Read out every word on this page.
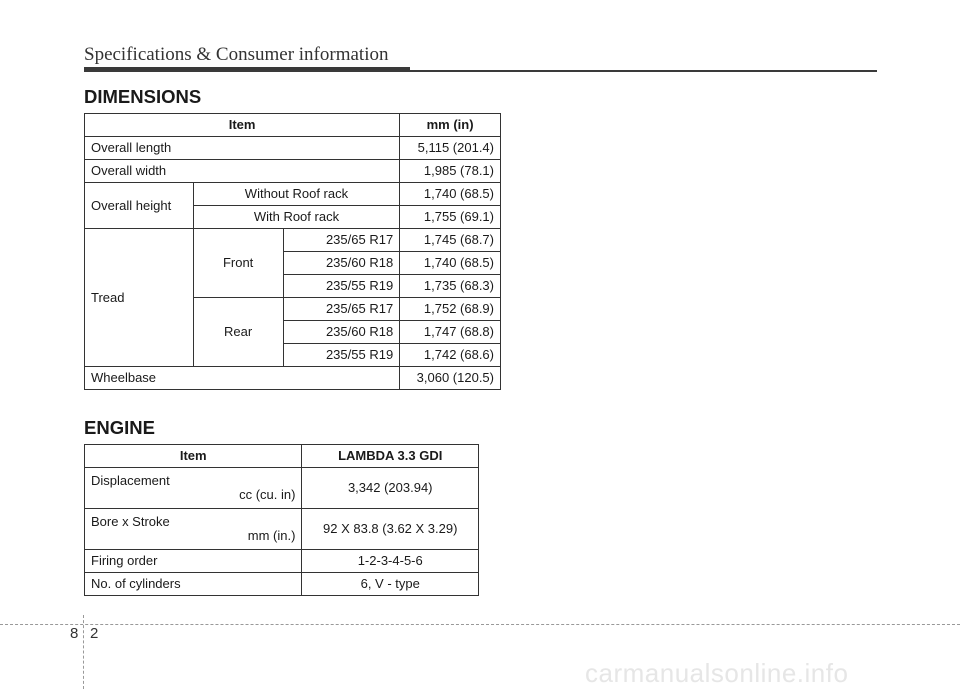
Specifications & Consumer information
DIMENSIONS
Item			mm (in)
Overall length			5,115 (201.4)
Overall width			1,985 (78.1)
Overall height	Without Roof rack		1,740 (68.5)
	With Roof rack		1,755 (69.1)
Tread	Front	235/65 R17	1,745 (68.7)
		235/60 R18	1,740 (68.5)
		235/55 R19	1,735 (68.3)
	Rear	235/65 R17	1,752 (68.9)
		235/60 R18	1,747 (68.8)
		235/55 R19	1,742 (68.6)
Wheelbase			3,060 (120.5)
ENGINE
Item	LAMBDA 3.3 GDI
Displacement
cc (cu. in)	3,342 (203.94)
Bore x Stroke
mm (in.)	92 X 83.8 (3.62 X 3.29)
Firing order	1-2-3-4-5-6
No. of cylinders	6, V - type
8 2
carmanualsonline.info
